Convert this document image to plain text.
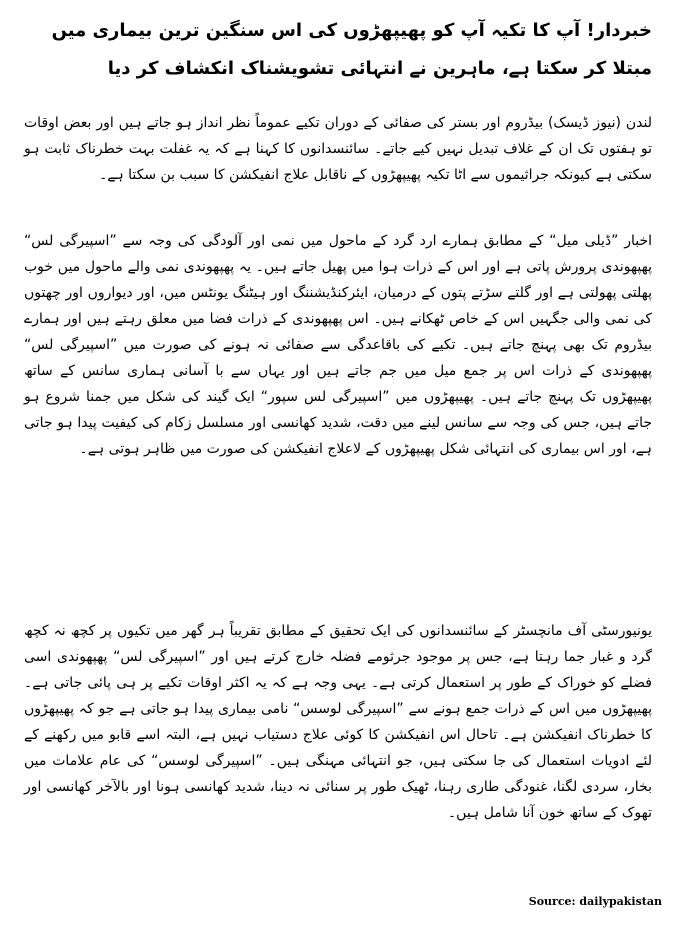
خبردار! آپ کا تکیہ آپ کو پھیپھڑوں کی اس سنگین ترین بیماری میں مبتلا کر سکتا ہے، ماہرین نے انتہائی تشویشناک انکشاف کر دیا

لندن (نیوز ڈیسک) بیڈروم اور بستر کی صفائی کے دوران تکیے عموماً نظر انداز ہو جاتے ہیں اور بعض اوقات تو ہفتوں تک ان کے غلاف تبدیل نہیں کیے جاتے۔ سائنسدانوں کا کہنا ہے کہ یہ غفلت بہت خطرناک ثابت ہو سکتی ہے کیونکہ جراثیموں سے اٹا تکیہ پھیپھڑوں کے ناقابل علاج انفیکشن کا سبب بن سکتا ہے۔

اخبار ”ڈیلی میل“ کے مطابق ہمارے ارد گرد کے ماحول میں نمی اور آلودگی کی وجہ سے ”اسپیرگی لس“ پھپھوندی پرورش پاتی ہے اور اس کے ذرات ہوا میں پھیل جاتے ہیں۔ یہ پھپھوندی نمی والے ماحول میں خوب پھلتی پھولتی ہے اور گلتے سڑتے پتوں کے درمیان، ایئرکنڈیشننگ اور ہیٹنگ یونٹس میں، اور دیواروں اور چھتوں کی نمی والی جگہیں اس کے خاص ٹھکانے ہیں۔ اس پھپھوندی کے ذرات فضا میں معلق رہتے ہیں اور ہمارے بیڈروم تک بھی پہنچ جاتے ہیں۔ تکیے کی باقاعدگی سے صفائی نہ ہونے کی صورت میں ”اسپیرگی لس“ پھپھوندی کے ذرات اس پر جمع میل میں جم جاتے ہیں اور یہاں سے با آسانی ہماری سانس کے ساتھ پھیپھڑوں تک پہنچ جاتے ہیں۔ پھیپھڑوں میں ”اسپیرگی لس سپور“ ایک گیند کی شکل میں جمنا شروع ہو جاتے ہیں، جس کی وجہ سے سانس لینے میں دقت، شدید کھانسی اور مسلسل زکام کی کیفیت پیدا ہو جاتی ہے، اور اس بیماری کی انتہائی شکل پھیپھڑوں کے لاعلاج انفیکشن کی صورت میں ظاہر ہوتی ہے۔

یونیورسٹی آف مانچسٹر کے سائنسدانوں کی ایک تحقیق کے مطابق تقریباً ہر گھر میں تکیوں پر کچھ نہ کچھ گرد و غبار جما رہتا ہے، جس پر موجود جرثومے فضلہ خارج کرتے ہیں اور ”اسپیرگی لس“ پھپھوندی اسی فضلے کو خوراک کے طور پر استعمال کرتی ہے۔ یہی وجہ ہے کہ یہ اکثر اوقات تکیے پر ہی پائی جاتی ہے۔ پھیپھڑوں میں اس کے ذرات جمع ہونے سے ”اسپیرگی لوسس“ نامی بیماری پیدا ہو جاتی ہے جو کہ پھیپھڑوں کا خطرناک انفیکشن ہے۔ تاحال اس انفیکشن کا کوئی علاج دستیاب نہیں ہے، البتہ اسے قابو میں رکھنے کے لئے ادویات استعمال کی جا سکتی ہیں، جو انتہائی مہنگی ہیں۔ ”اسپیرگی لوسس“ کی عام علامات میں بخار، سردی لگنا، غنودگی طاری رہنا، ٹھیک طور پر سنائی نہ دینا، شدید کھانسی ہونا اور بالآخر کھانسی اور تھوک کے ساتھ خون آنا شامل ہیں۔

Source: dailypakistan
